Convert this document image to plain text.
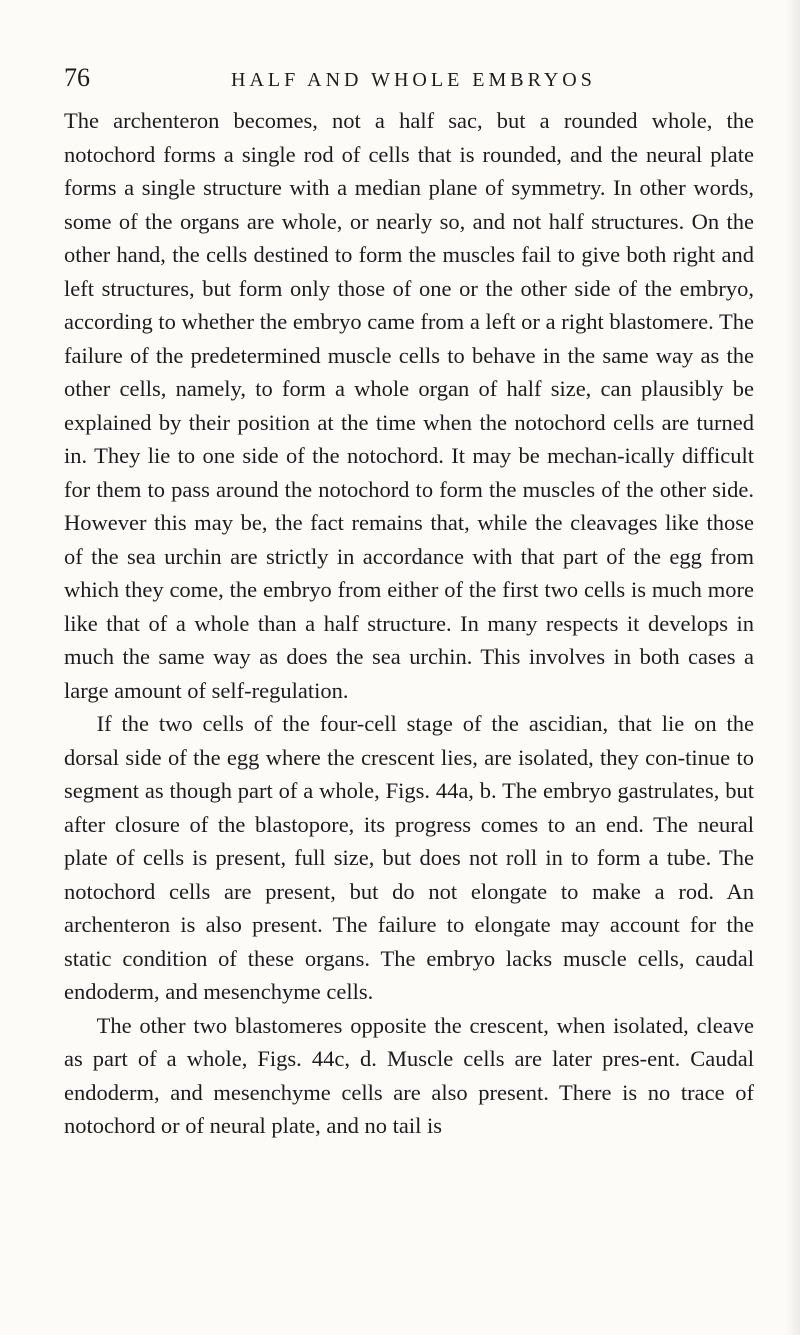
76	HALF AND WHOLE EMBRYOS

The archenteron becomes, not a half sac, but a rounded whole, the notochord forms a single rod of cells that is rounded, and the neural plate forms a single structure with a median plane of symmetry. In other words, some of the organs are whole, or nearly so, and not half structures. On the other hand, the cells destined to form the muscles fail to give both right and left structures, but form only those of one or the other side of the embryo, according to whether the embryo came from a left or a right blastomere. The failure of the predetermined muscle cells to behave in the same way as the other cells, namely, to form a whole organ of half size, can plausibly be explained by their position at the time when the notochord cells are turned in. They lie to one side of the notochord. It may be mechan-ically difficult for them to pass around the notochord to form the muscles of the other side. However this may be, the fact remains that, while the cleavages like those of the sea urchin are strictly in accordance with that part of the egg from which they come, the embryo from either of the first two cells is much more like that of a whole than a half structure. In many respects it develops in much the same way as does the sea urchin. This involves in both cases a large amount of self-regulation.

If the two cells of the four-cell stage of the ascidian, that lie on the dorsal side of the egg where the crescent lies, are isolated, they con-tinue to segment as though part of a whole, Figs. 44a, b. The embryo gastrulates, but after closure of the blastopore, its progress comes to an end. The neural plate of cells is present, full size, but does not roll in to form a tube. The notochord cells are present, but do not elongate to make a rod. An archenteron is also present. The failure to elongate may account for the static condition of these organs. The embryo lacks muscle cells, caudal endoderm, and mesenchyme cells.

The other two blastomeres opposite the crescent, when isolated, cleave as part of a whole, Figs. 44c, d. Muscle cells are later pres-ent. Caudal endoderm, and mesenchyme cells are also present. There is no trace of notochord or of neural plate, and no tail is
